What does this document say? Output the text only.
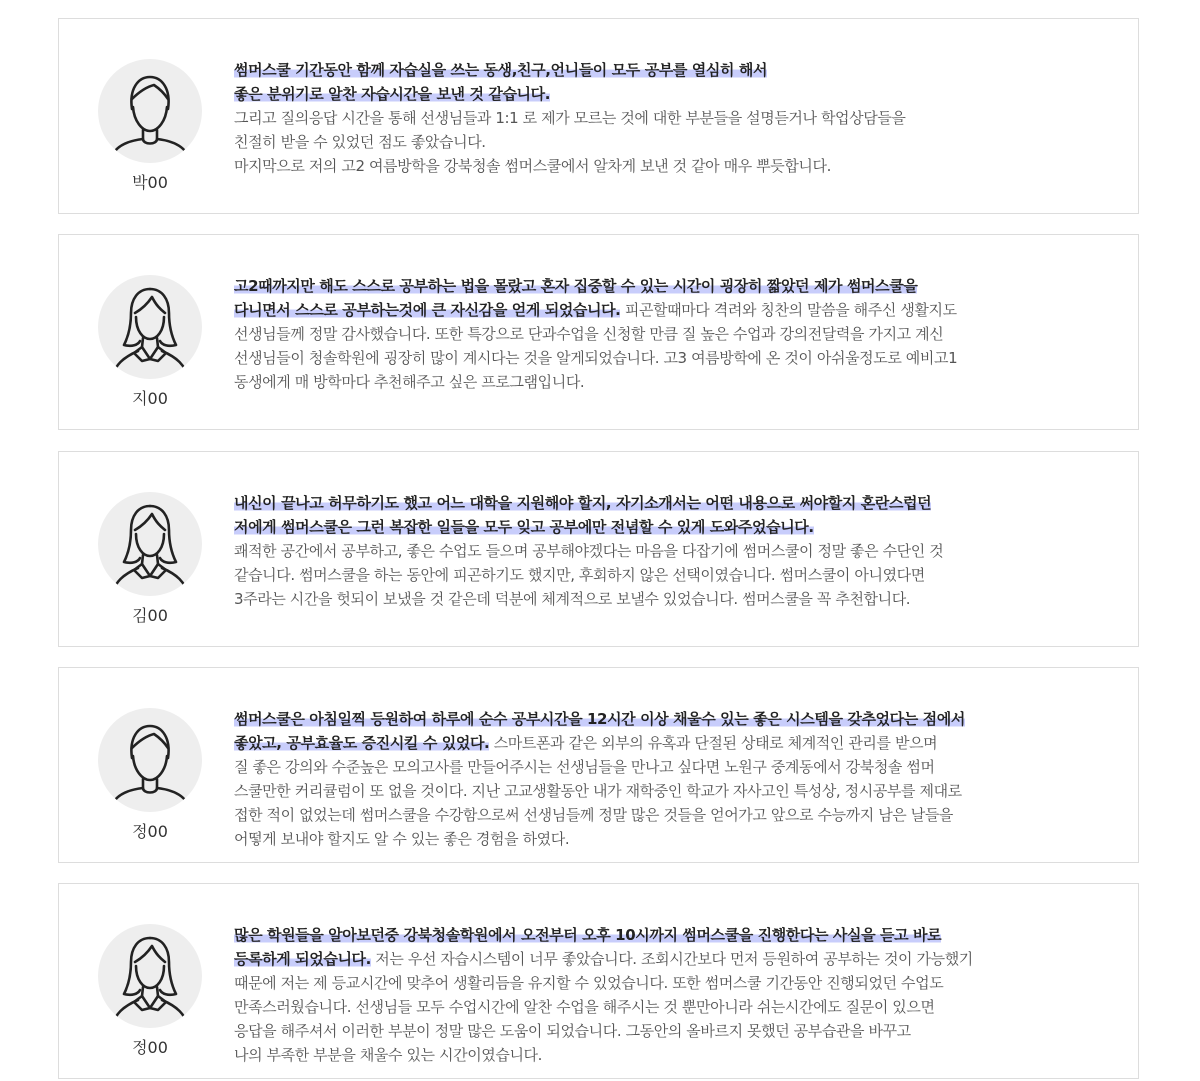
박00
썸머스쿨 기간동안 함께 자습실을 쓰는 동생,친구,언니들이 모두 공부를 열심히 해서
좋은 분위기로 알찬 자습시간을 보낸 것 같습니다.
그리고 질의응답 시간을 통해 선생님들과 1:1 로 제가 모르는 것에 대한 부분들을 설명듣거나 학업상담들을
친절히 받을 수 있었던 점도 좋았습니다.
마지막으로 저의 고2 여름방학을 강북청솔 썸머스쿨에서 알차게 보낸 것 같아 매우 뿌듯합니다.
지00
고2때까지만 해도 스스로 공부하는 법을 몰랐고 혼자 집중할 수 있는 시간이 굉장히 짧았던 제가 썸머스쿨을
다니면서 스스로 공부하는것에 큰 자신감을 얻게 되었습니다. 피곤할때마다 격려와 칭찬의 말씀을 해주신 생활지도
선생님들께 정말 감사했습니다. 또한 특강으로 단과수업을 신청할 만큼 질 높은 수업과 강의전달력을 가지고 계신
선생님들이 청솔학원에 굉장히 많이 계시다는 것을 알게되었습니다. 고3 여름방학에 온 것이 아쉬울정도로 예비고1
동생에게 매 방학마다 추천해주고 싶은 프로그램입니다.
김00
내신이 끝나고 허무하기도 했고 어느 대학을 지원해야 할지, 자기소개서는 어떤 내용으로 써야할지 혼란스럽던
저에게 썸머스쿨은 그런 복잡한 일들을 모두 잊고 공부에만 전념할 수 있게 도와주었습니다.
쾌적한 공간에서 공부하고, 좋은 수업도 들으며 공부해야겠다는 마음을 다잡기에 썸머스쿨이 정말 좋은 수단인 것
같습니다. 썸머스쿨을 하는 동안에 피곤하기도 했지만, 후회하지 않은 선택이였습니다. 썸머스쿨이 아니였다면
3주라는 시간을 헛되이 보냈을 것 같은데 덕분에 체계적으로 보낼수 있었습니다. 썸머스쿨을 꼭 추천합니다.
정00
썸머스쿨은 아침일찍 등원하여 하루에 순수 공부시간을 12시간 이상 채울수 있는 좋은 시스템을 갖추었다는 점에서
좋았고, 공부효율도 증진시킬 수 있었다. 스마트폰과 같은 외부의 유혹과 단절된 상태로 체계적인 관리를 받으며
질 좋은 강의와 수준높은 모의고사를 만들어주시는 선생님들을 만나고 싶다면 노원구 중계동에서 강북청솔 썸머
스쿨만한 커리큘럼이 또 없을 것이다. 지난 고교생활동안 내가 재학중인 학교가 자사고인 특성상, 정시공부를 제대로
접한 적이 없었는데 썸머스쿨을 수강함으로써 선생님들께 정말 많은 것들을 얻어가고 앞으로 수능까지 남은 날들을
어떻게 보내야 할지도 알 수 있는 좋은 경험을 하였다.
정00
많은 학원들을 알아보던중 강북청솔학원에서 오전부터 오후 10시까지 썸머스쿨을 진행한다는 사실을 듣고 바로
등록하게 되었습니다. 저는 우선 자습시스템이 너무 좋았습니다. 조회시간보다 먼저 등원하여 공부하는 것이 가능했기
때문에 저는 제 등교시간에 맞추어 생활리듬을 유지할 수 있었습니다. 또한 썸머스쿨 기간동안 진행되었던 수업도
만족스러웠습니다. 선생님들 모두 수업시간에 알찬 수업을 해주시는 것 뿐만아니라 쉬는시간에도 질문이 있으면
응답을 해주셔서 이러한 부분이 정말 많은 도움이 되었습니다. 그동안의 올바르지 못했던 공부습관을 바꾸고
나의 부족한 부분을 채울수 있는 시간이였습니다.
